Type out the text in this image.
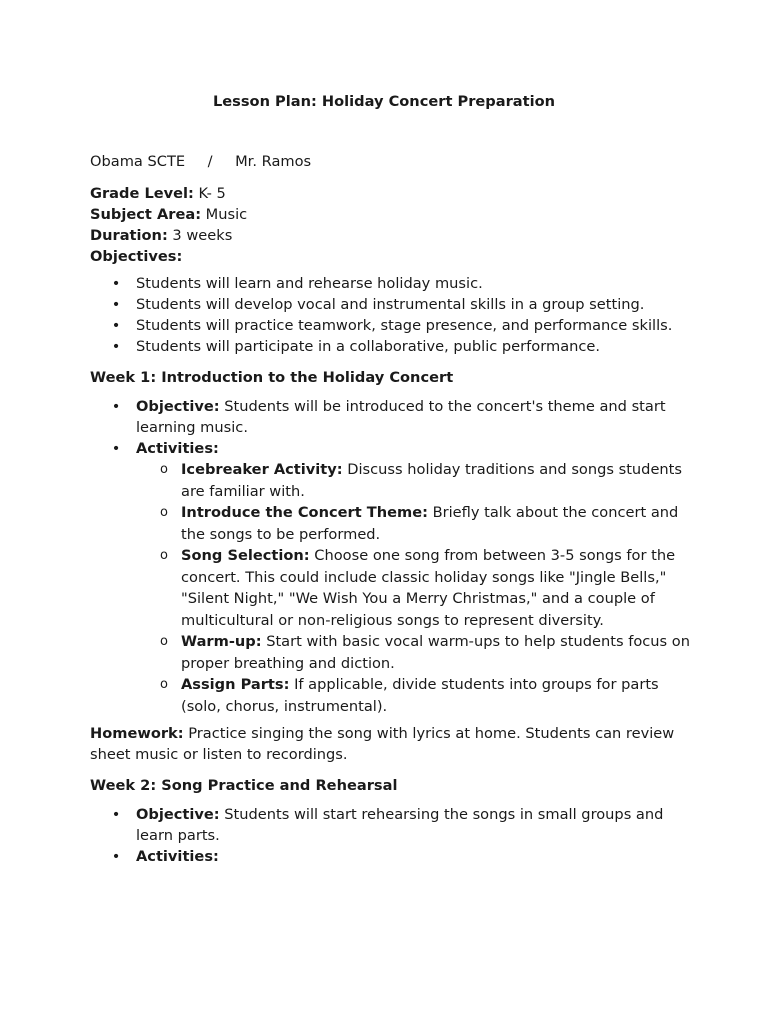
Lesson Plan: Holiday Concert Preparation

Obama SCTE / Mr. Ramos

Grade Level: K- 5

Subject Area: Music

Duration: 3 weeks

Objectives:

• Students will learn and rehearse holiday music.
• Students will develop vocal and instrumental skills in a group setting.
• Students will practice teamwork, stage presence, and performance skills.
• Students will participate in a collaborative, public performance.

Week 1: Introduction to the Holiday Concert

• Objective: Students will be introduced to the concert's theme and start learning music.
• Activities:
o Icebreaker Activity: Discuss holiday traditions and songs students are familiar with.
o Introduce the Concert Theme: Briefly talk about the concert and the songs to be performed.
o Song Selection: Choose one song from between 3-5 songs for the concert. This could include classic holiday songs like "Jingle Bells," "Silent Night," "We Wish You a Merry Christmas," and a couple of multicultural or non-religious songs to represent diversity.
o Warm-up: Start with basic vocal warm-ups to help students focus on proper breathing and diction.
o Assign Parts: If applicable, divide students into groups for parts (solo, chorus, instrumental).

Homework: Practice singing the song with lyrics at home. Students can review sheet music or listen to recordings.

Week 2: Song Practice and Rehearsal

• Objective: Students will start rehearsing the songs in small groups and learn parts.
• Activities:
